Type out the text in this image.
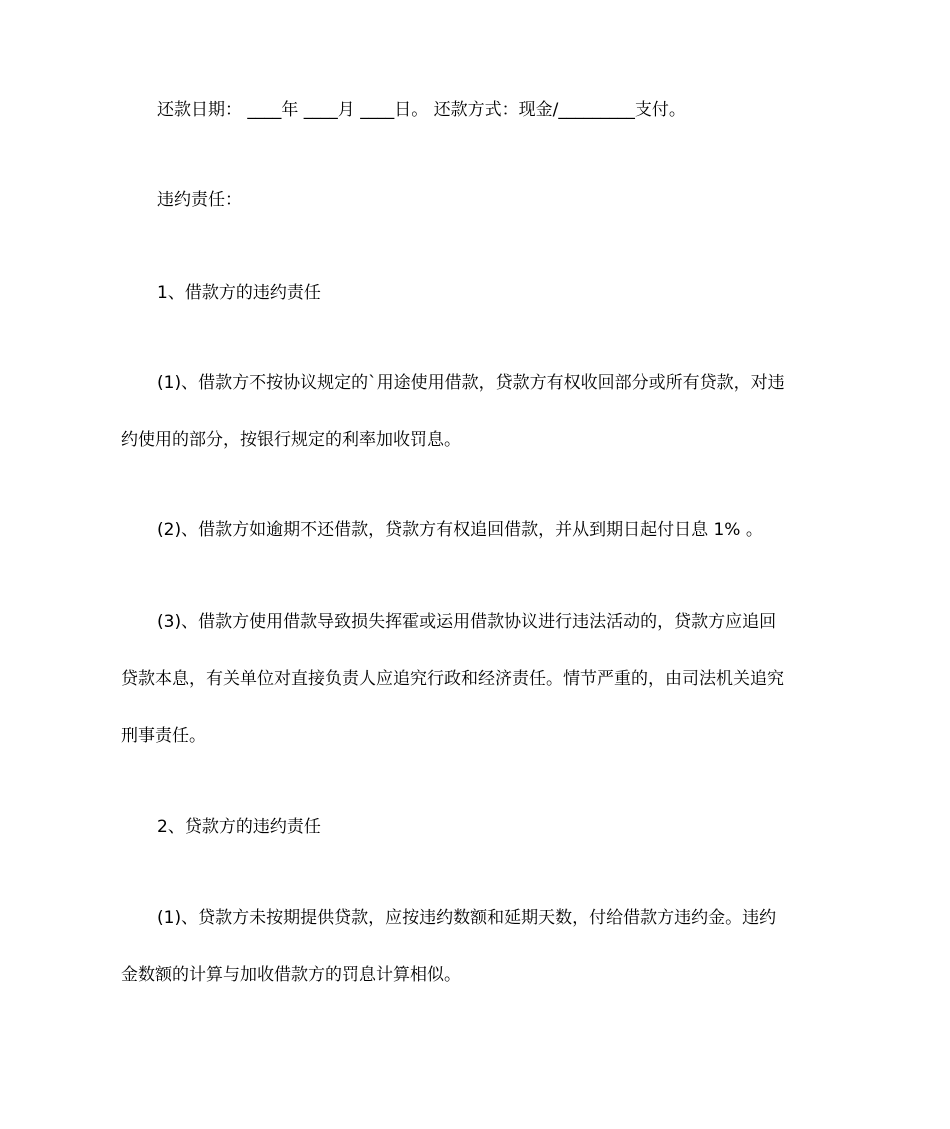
还款日期： ____年 ____月 ____日。 还款方式：现金/_________支付。
违约责任：
1、借款方的违约责任
(1)、借款方不按协议规定的`用途使用借款，贷款方有权收回部分或所有贷款，对违
约使用的部分，按银行规定的利率加收罚息。
(2)、借款方如逾期不还借款，贷款方有权追回借款，并从到期日起付日息 1% 。
(3)、借款方使用借款导致损失挥霍或运用借款协议进行违法活动的，贷款方应追回
贷款本息，有关单位对直接负责人应追究行政和经济责任。情节严重的，由司法机关追究
刑事责任。
2、贷款方的违约责任
(1)、贷款方未按期提供贷款，应按违约数额和延期天数，付给借款方违约金。违约
金数额的计算与加收借款方的罚息计算相似。
